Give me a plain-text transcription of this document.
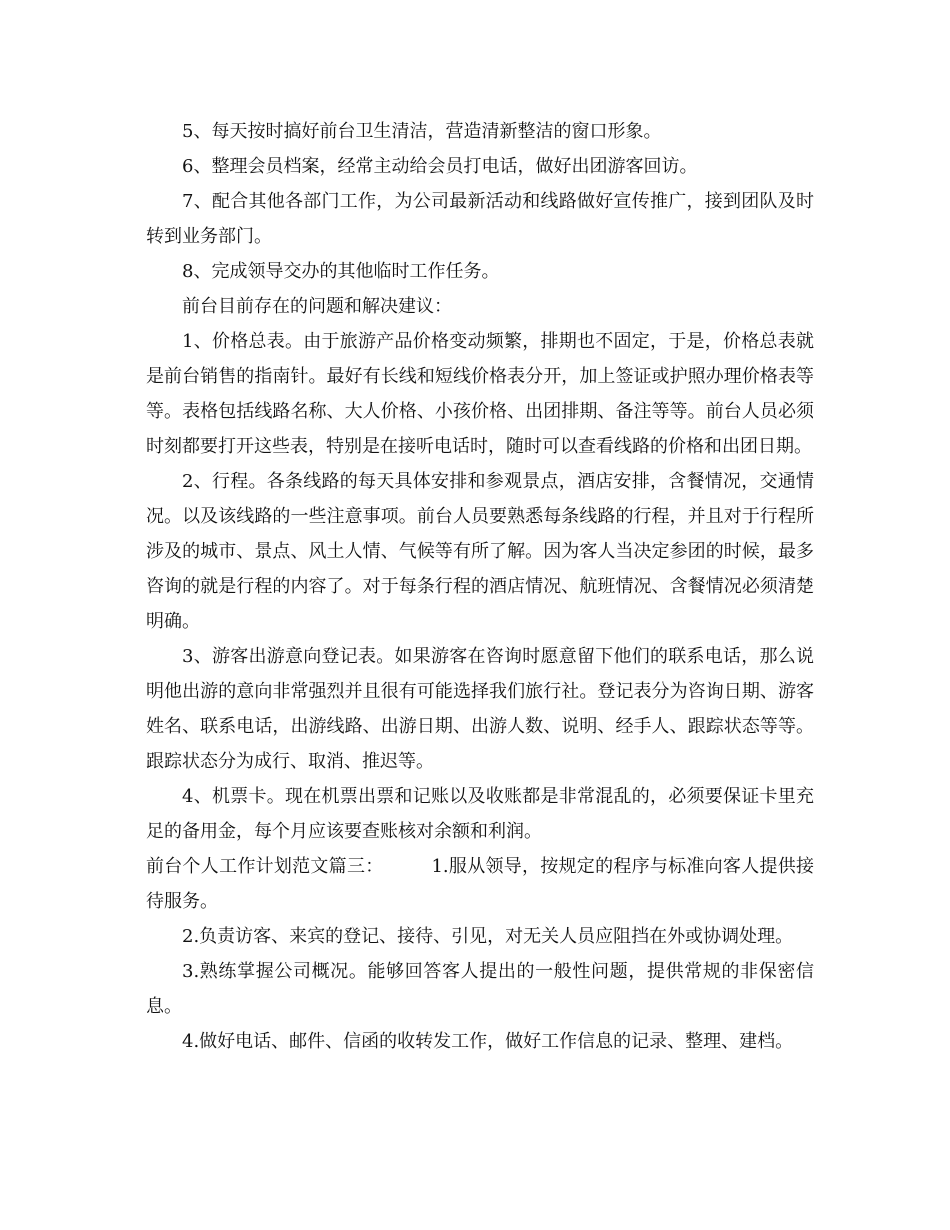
5、每天按时搞好前台卫生清洁，营造清新整洁的窗口形象。

6、整理会员档案，经常主动给会员打电话，做好出团游客回访。

7、配合其他各部门工作，为公司最新活动和线路做好宣传推广，接到团队及时转到业务部门。

8、完成领导交办的其他临时工作任务。

前台目前存在的问题和解决建议：

1、价格总表。由于旅游产品价格变动频繁，排期也不固定，于是，价格总表就是前台销售的指南针。最好有长线和短线价格表分开，加上签证或护照办理价格表等等。表格包括线路名称、大人价格、小孩价格、出团排期、备注等等。前台人员必须时刻都要打开这些表，特别是在接听电话时，随时可以查看线路的价格和出团日期。

2、行程。各条线路的每天具体安排和参观景点，酒店安排，含餐情况，交通情况。以及该线路的一些注意事项。前台人员要熟悉每条线路的行程，并且对于行程所涉及的城市、景点、风土人情、气候等有所了解。因为客人当决定参团的时候，最多咨询的就是行程的内容了。对于每条行程的酒店情况、航班情况、含餐情况必须清楚明确。

3、游客出游意向登记表。如果游客在咨询时愿意留下他们的联系电话，那么说明他出游的意向非常强烈并且很有可能选择我们旅行社。登记表分为咨询日期、游客姓名、联系电话，出游线路、出游日期、出游人数、说明、经手人、跟踪状态等等。跟踪状态分为成行、取消、推迟等。

4、机票卡。现在机票出票和记账以及收账都是非常混乱的，必须要保证卡里充足的备用金，每个月应该要查账核对余额和利润。

前台个人工作计划范文篇三：	1.服从领导，按规定的程序与标准向客人提供接待服务。

2.负责访客、来宾的登记、接待、引见，对无关人员应阻挡在外或协调处理。

3.熟练掌握公司概况。能够回答客人提出的一般性问题，提供常规的非保密信息。

4.做好电话、邮件、信函的收转发工作，做好工作信息的记录、整理、建档。
